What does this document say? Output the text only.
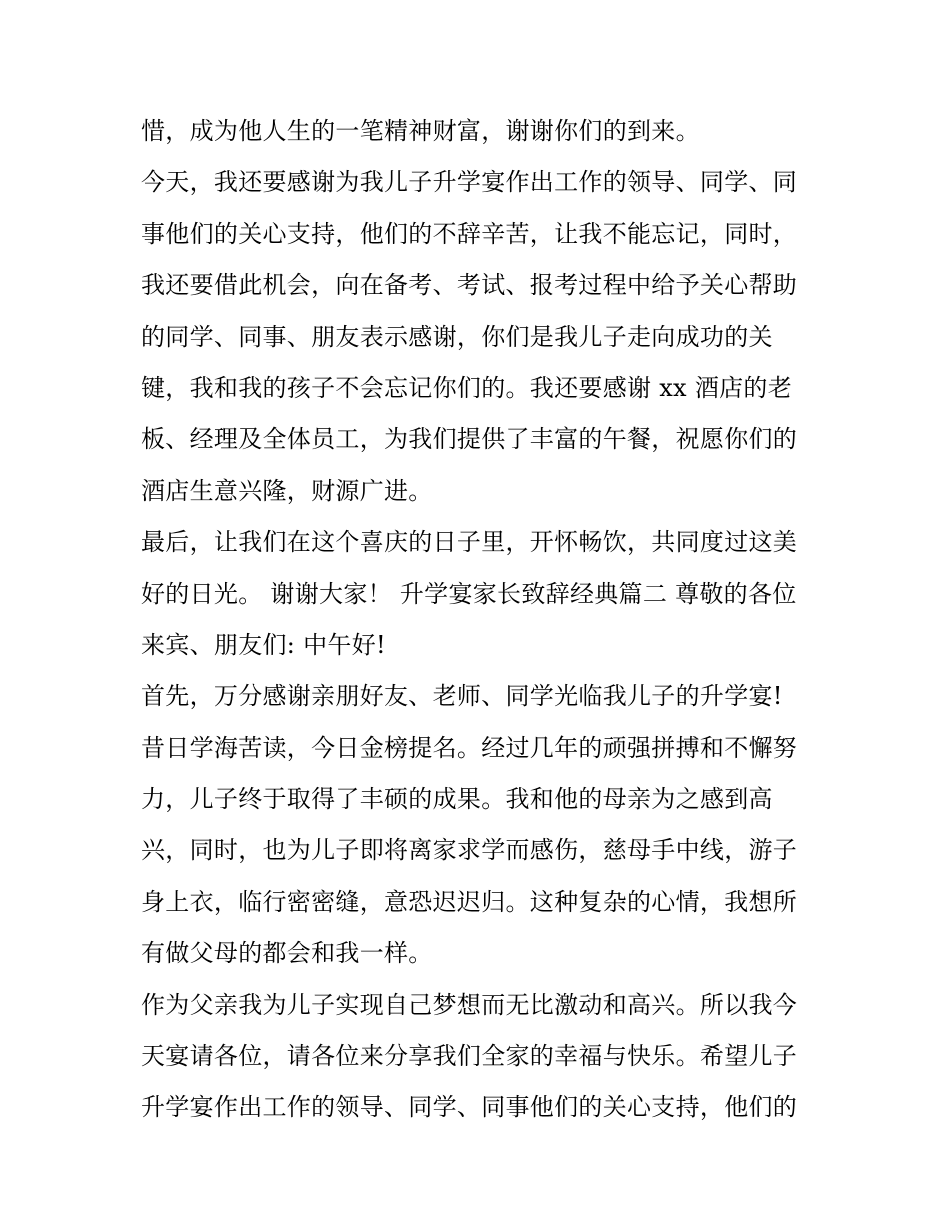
惜，成为他人生的一笔精神财富，谢谢你们的到来。
今天，我还要感谢为我儿子升学宴作出工作的领导、同学、同
事他们的关心支持，他们的不辞辛苦，让我不能忘记，同时，
我还要借此机会，向在备考、考试、报考过程中给予关心帮助
的同学、同事、朋友表示感谢，你们是我儿子走向成功的关
键，我和我的孩子不会忘记你们的。我还要感谢 xx 酒店的老
板、经理及全体员工，为我们提供了丰富的午餐，祝愿你们的
酒店生意兴隆，财源广进。
最后，让我们在这个喜庆的日子里，开怀畅饮，共同度过这美
好的日光。 谢谢大家！ 升学宴家长致辞经典篇二 尊敬的各位
来宾、朋友们: 中午好!
首先，万分感谢亲朋好友、老师、同学光临我儿子的升学宴!
昔日学海苦读，今日金榜提名。经过几年的顽强拼搏和不懈努
力，儿子终于取得了丰硕的成果。我和他的母亲为之感到高
兴，同时，也为儿子即将离家求学而感伤，慈母手中线，游子
身上衣，临行密密缝，意恐迟迟归。这种复杂的心情，我想所
有做父母的都会和我一样。
作为父亲我为儿子实现自己梦想而无比激动和高兴。所以我今
天宴请各位，请各位来分享我们全家的幸福与快乐。希望儿子
升学宴作出工作的领导、同学、同事他们的关心支持，他们的
